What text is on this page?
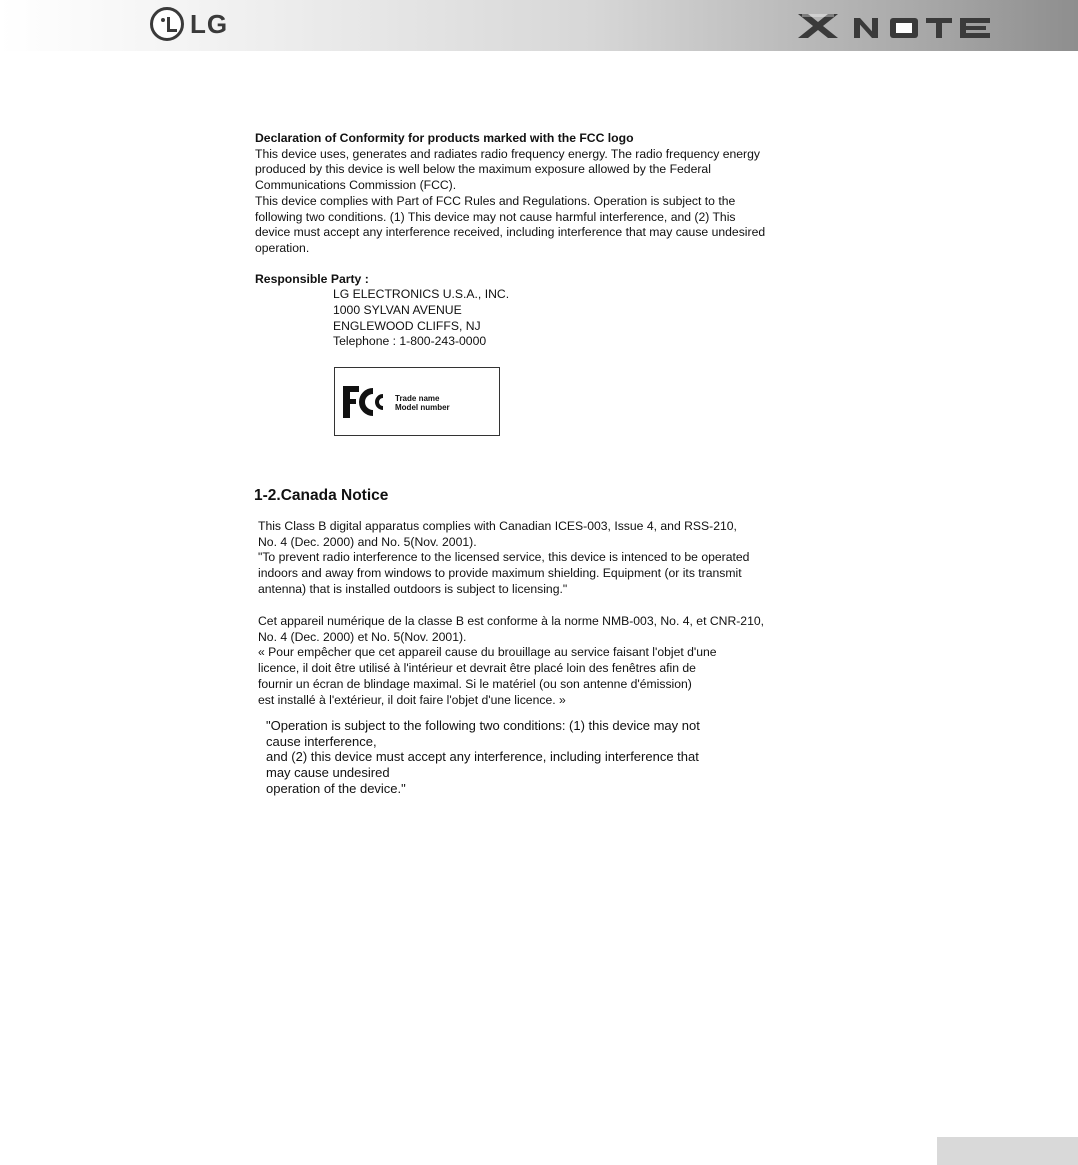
LG

Declaration of Conformity for products marked with the FCC logo

This device uses, generates and radiates radio frequency energy. The radio frequency energy
produced by this device is well below the maximum exposure allowed by the Federal
Communications Commission (FCC).
This device complies with Part of FCC Rules and Regulations. Operation is subject to the
following two conditions. (1) This device may not cause harmful interference, and (2) This
device must accept any interference received, including interference that may cause undesired
operation.

Responsible Party :

LG ELECTRONICS U.S.A., INC.

1000 SYLVAN AVENUE

ENGLEWOOD CLIFFS, NJ

Telephone : 1-800-243-0000

Trade name
Model number
1-2.Canada Notice

This Class B digital apparatus complies with Canadian ICES-003, Issue 4, and RSS-210,
No. 4 (Dec. 2000) and No. 5(Nov. 2001).
"To prevent radio interference to the licensed service, this device is intenced to be operated
indoors and away from windows to provide maximum shielding. Equipment (or its transmit
antenna) that is installed outdoors is subject to licensing."

Cet appareil numérique de la classe B est conforme à la norme NMB-003, No. 4, et CNR-210,
No. 4 (Dec. 2000) et No. 5(Nov. 2001).
« Pour empêcher que cet appareil cause du brouillage au service faisant l'objet d'une
licence, il doit être utilisé à l'intérieur et devrait être placé loin des fenêtres afin de
fournir un écran de blindage maximal. Si le matériel (ou son antenne d'émission)
est installé à l'extérieur, il doit faire l'objet d'une licence. »

"Operation is subject to the following two conditions: (1) this device may not
cause interference,
and (2) this device must accept any interference, including interference that
may cause undesired
operation of the device."
